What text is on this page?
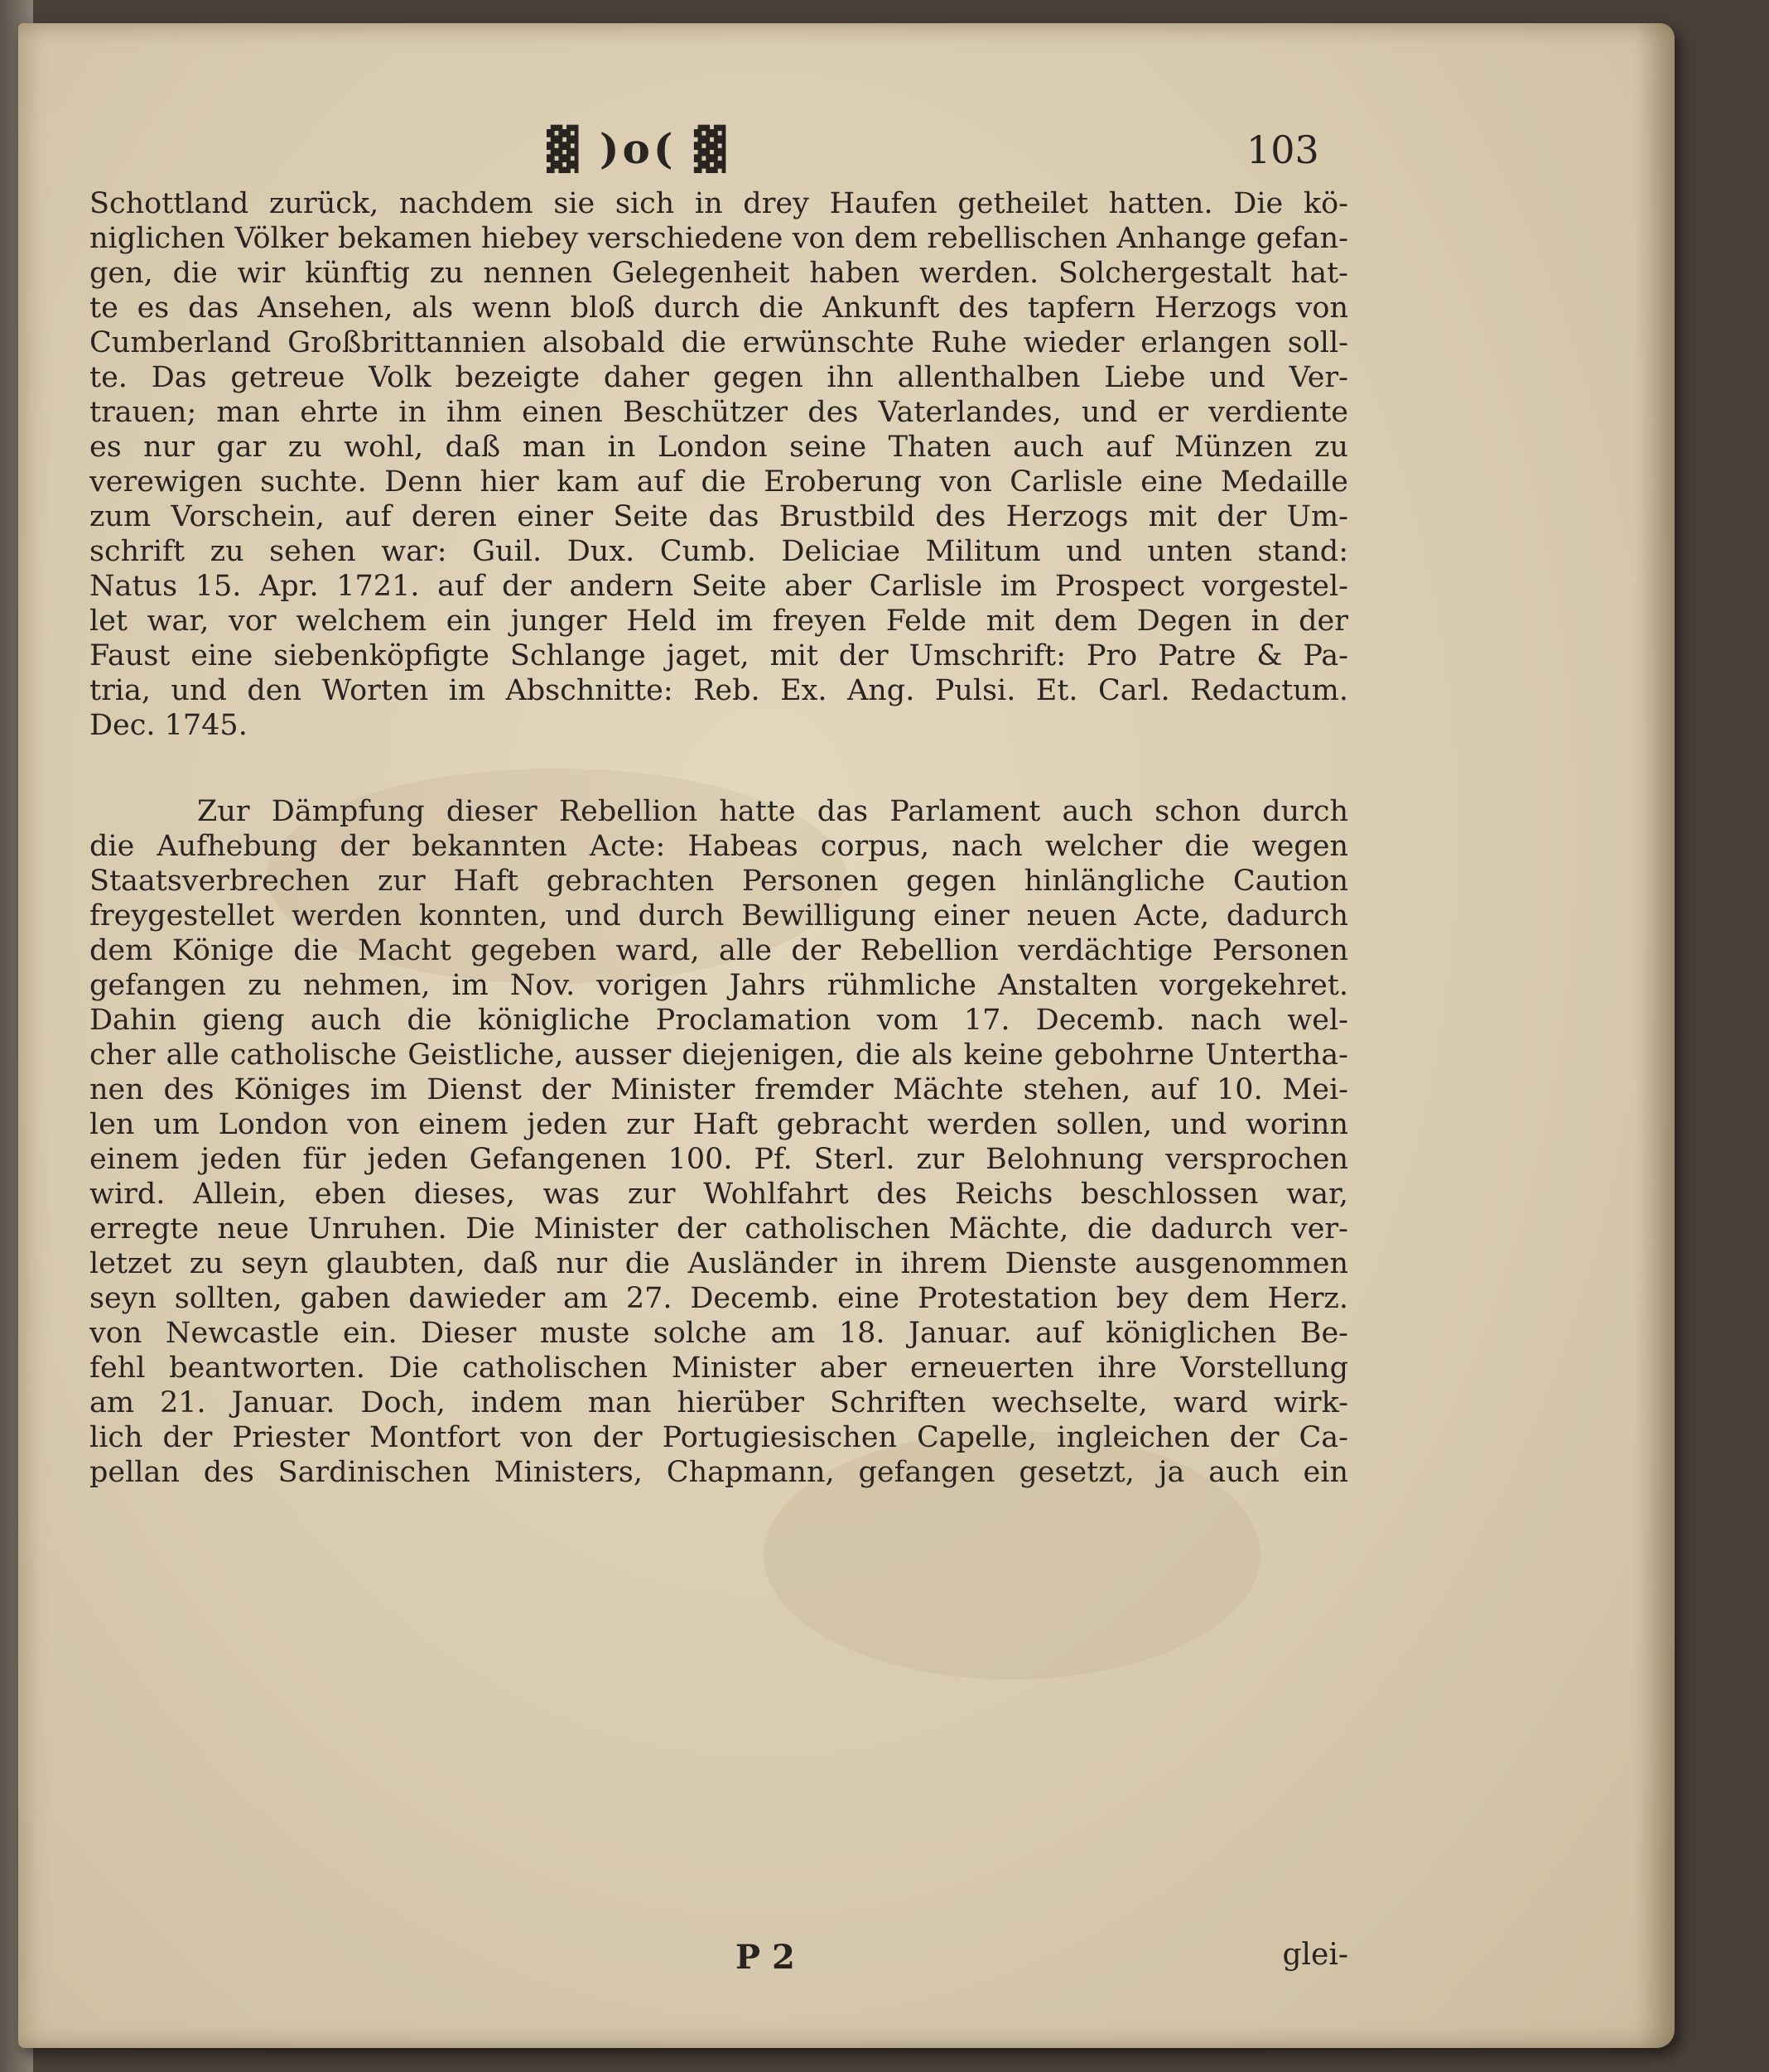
▓ )o( ▓	103
Schottland zurück, nachdem sie sich in drey Haufen getheilet hatten. Die kö-
niglichen Völker bekamen hiebey verschiedene von dem rebellischen Anhange gefan-
gen, die wir künftig zu nennen Gelegenheit haben werden. Solchergestalt hat-
te es das Ansehen, als wenn bloß durch die Ankunft des tapfern Herzogs von
Cumberland Großbrittannien alsobald die erwünschte Ruhe wieder erlangen soll-
te. Das getreue Volk bezeigte daher gegen ihn allenthalben Liebe und Ver-
trauen; man ehrte in ihm einen Beschützer des Vaterlandes, und er verdiente
es nur gar zu wohl, daß man in London seine Thaten auch auf Münzen zu
verewigen suchte. Denn hier kam auf die Eroberung von Carlisle eine Medaille
zum Vorschein, auf deren einer Seite das Brustbild des Herzogs mit der Um-
schrift zu sehen war: Guil. Dux. Cumb. Deliciae Militum und unten stand:
Natus 15. Apr. 1721. auf der andern Seite aber Carlisle im Prospect vorgestel-
let war, vor welchem ein junger Held im freyen Felde mit dem Degen in der
Faust eine siebenköpfigte Schlange jaget, mit der Umschrift: Pro Patre & Pa-
tria, und den Worten im Abschnitte: Reb. Ex. Ang. Pulsi. Et. Carl. Redactum.
Dec. 1745.
Zur Dämpfung dieser Rebellion hatte das Parlament auch schon durch
die Aufhebung der bekannten Acte: Habeas corpus, nach welcher die wegen
Staatsverbrechen zur Haft gebrachten Personen gegen hinlängliche Caution
freygestellet werden konnten, und durch Bewilligung einer neuen Acte, dadurch
dem Könige die Macht gegeben ward, alle der Rebellion verdächtige Personen
gefangen zu nehmen, im Nov. vorigen Jahrs rühmliche Anstalten vorgekehret.
Dahin gieng auch die königliche Proclamation vom 17. Decemb. nach wel-
cher alle catholische Geistliche, ausser diejenigen, die als keine gebohrne Untertha-
nen des Königes im Dienst der Minister fremder Mächte stehen, auf 10. Mei-
len um London von einem jeden zur Haft gebracht werden sollen, und worinn
einem jeden für jeden Gefangenen 100. Pf. Sterl. zur Belohnung versprochen
wird. Allein, eben dieses, was zur Wohlfahrt des Reichs beschlossen war,
erregte neue Unruhen. Die Minister der catholischen Mächte, die dadurch ver-
letzet zu seyn glaubten, daß nur die Ausländer in ihrem Dienste ausgenommen
seyn sollten, gaben dawieder am 27. Decemb. eine Protestation bey dem Herz.
von Newcastle ein. Dieser muste solche am 18. Januar. auf königlichen Be-
fehl beantworten. Die catholischen Minister aber erneuerten ihre Vorstellung
am 21. Januar. Doch, indem man hierüber Schriften wechselte, ward wirk-
lich der Priester Montfort von der Portugiesischen Capelle, ingleichen der Ca-
pellan des Sardinischen Ministers, Chapmann, gefangen gesetzt, ja auch ein
P 2	glei-
